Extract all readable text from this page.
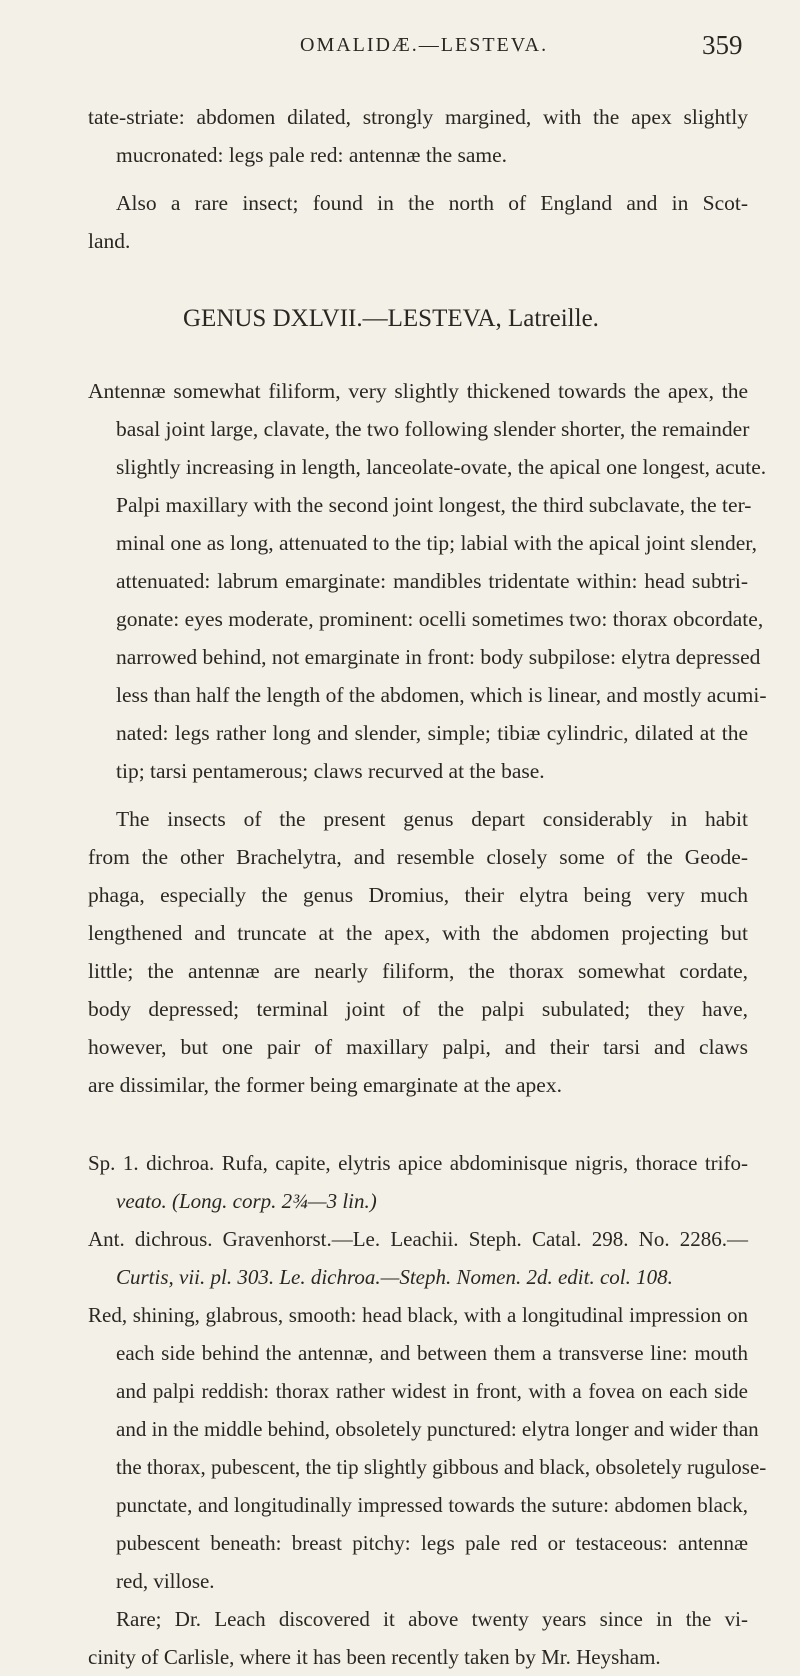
OMALIDÆ.—LESTEVA.	359

tate-striate: abdomen dilated, strongly margined, with the apex slightly
mucronated: legs pale red: antennæ the same.

Also a rare insect; found in the north of England and in Scot-
land.

GENUS DXLVII.—LESTEVA, Latreille.

Antennæ somewhat filiform, very slightly thickened towards the apex, the
basal joint large, clavate, the two following slender shorter, the remainder
slightly increasing in length, lanceolate-ovate, the apical one longest, acute.
Palpi maxillary with the second joint longest, the third subclavate, the ter-
minal one as long, attenuated to the tip; labial with the apical joint slender,
attenuated: labrum emarginate: mandibles tridentate within: head subtri-
gonate: eyes moderate, prominent: ocelli sometimes two: thorax obcordate,
narrowed behind, not emarginate in front: body subpilose: elytra depressed
less than half the length of the abdomen, which is linear, and mostly acumi-
nated: legs rather long and slender, simple; tibiæ cylindric, dilated at the
tip; tarsi pentamerous; claws recurved at the base.

The insects of the present genus depart considerably in habit
from the other Brachelytra, and resemble closely some of the Geode-
phaga, especially the genus Dromius, their elytra being very much
lengthened and truncate at the apex, with the abdomen projecting but
little; the antennæ are nearly filiform, the thorax somewhat cordate,
body depressed; terminal joint of the palpi subulated; they have,
however, but one pair of maxillary palpi, and their tarsi and claws
are dissimilar, the former being emarginate at the apex.

Sp. 1. dichroa. Rufa, capite, elytris apice abdominisque nigris, thorace trifo-
veato. (Long. corp. 2¾—3 lin.)

Ant. dichrous. Gravenhorst.—Le. Leachii. Steph. Catal. 298. No. 2286.—
Curtis, vii. pl. 303. Le. dichroa.—Steph. Nomen. 2d. edit. col. 108.

Red, shining, glabrous, smooth: head black, with a longitudinal impression on
each side behind the antennæ, and between them a transverse line: mouth
and palpi reddish: thorax rather widest in front, with a fovea on each side
and in the middle behind, obsoletely punctured: elytra longer and wider than
the thorax, pubescent, the tip slightly gibbous and black, obsoletely rugulose-
punctate, and longitudinally impressed towards the suture: abdomen black,
pubescent beneath: breast pitchy: legs pale red or testaceous: antennæ
red, villose.

Rare; Dr. Leach discovered it above twenty years since in the vi-
cinity of Carlisle, where it has been recently taken by Mr. Heysham.
